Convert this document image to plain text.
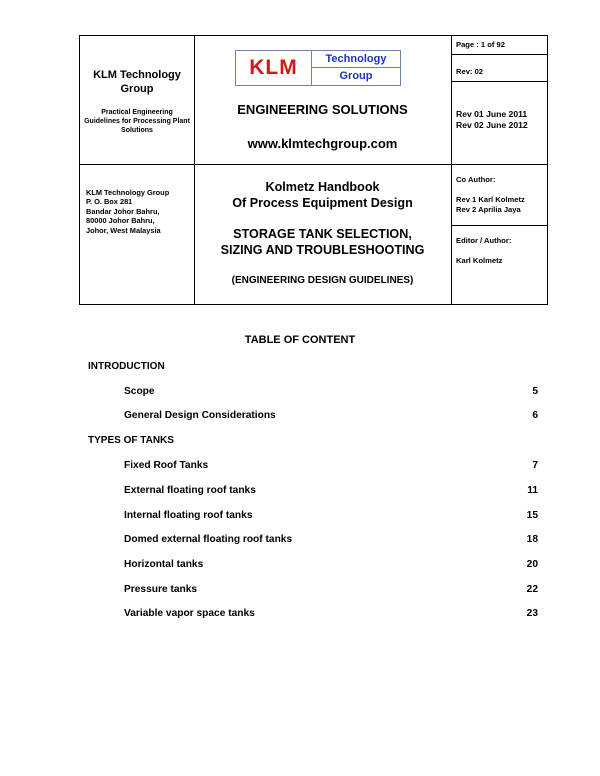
KLM Technology Group
Practical Engineering Guidelines for Processing Plant Solutions
KLM Technology Group
P. O. Box 281
Bandar Johor Bahru,
80000 Johor Bahru,
Johor, West Malaysia
KLM	Technology
Group
ENGINEERING SOLUTIONS
www.klmtechgroup.com
Kolmetz Handbook
Of Process Equipment Design
STORAGE TANK SELECTION,
SIZING AND TROUBLESHOOTING
(ENGINEERING DESIGN GUIDELINES)
Page : 1 of 92
Rev: 02
Rev 01 June 2011
Rev 02 June 2012
Co Author:
Rev 1 Karl Kolmetz
Rev 2 Aprilia Jaya
Editor / Author:
Karl Kolmetz
TABLE OF CONTENT
INTRODUCTION
Scope	5
General Design Considerations	6
TYPES OF TANKS
Fixed Roof Tanks	7
External floating roof tanks	11
Internal floating roof tanks	15
Domed external floating roof tanks	18
Horizontal tanks	20
Pressure tanks	22
Variable vapor space tanks	23
